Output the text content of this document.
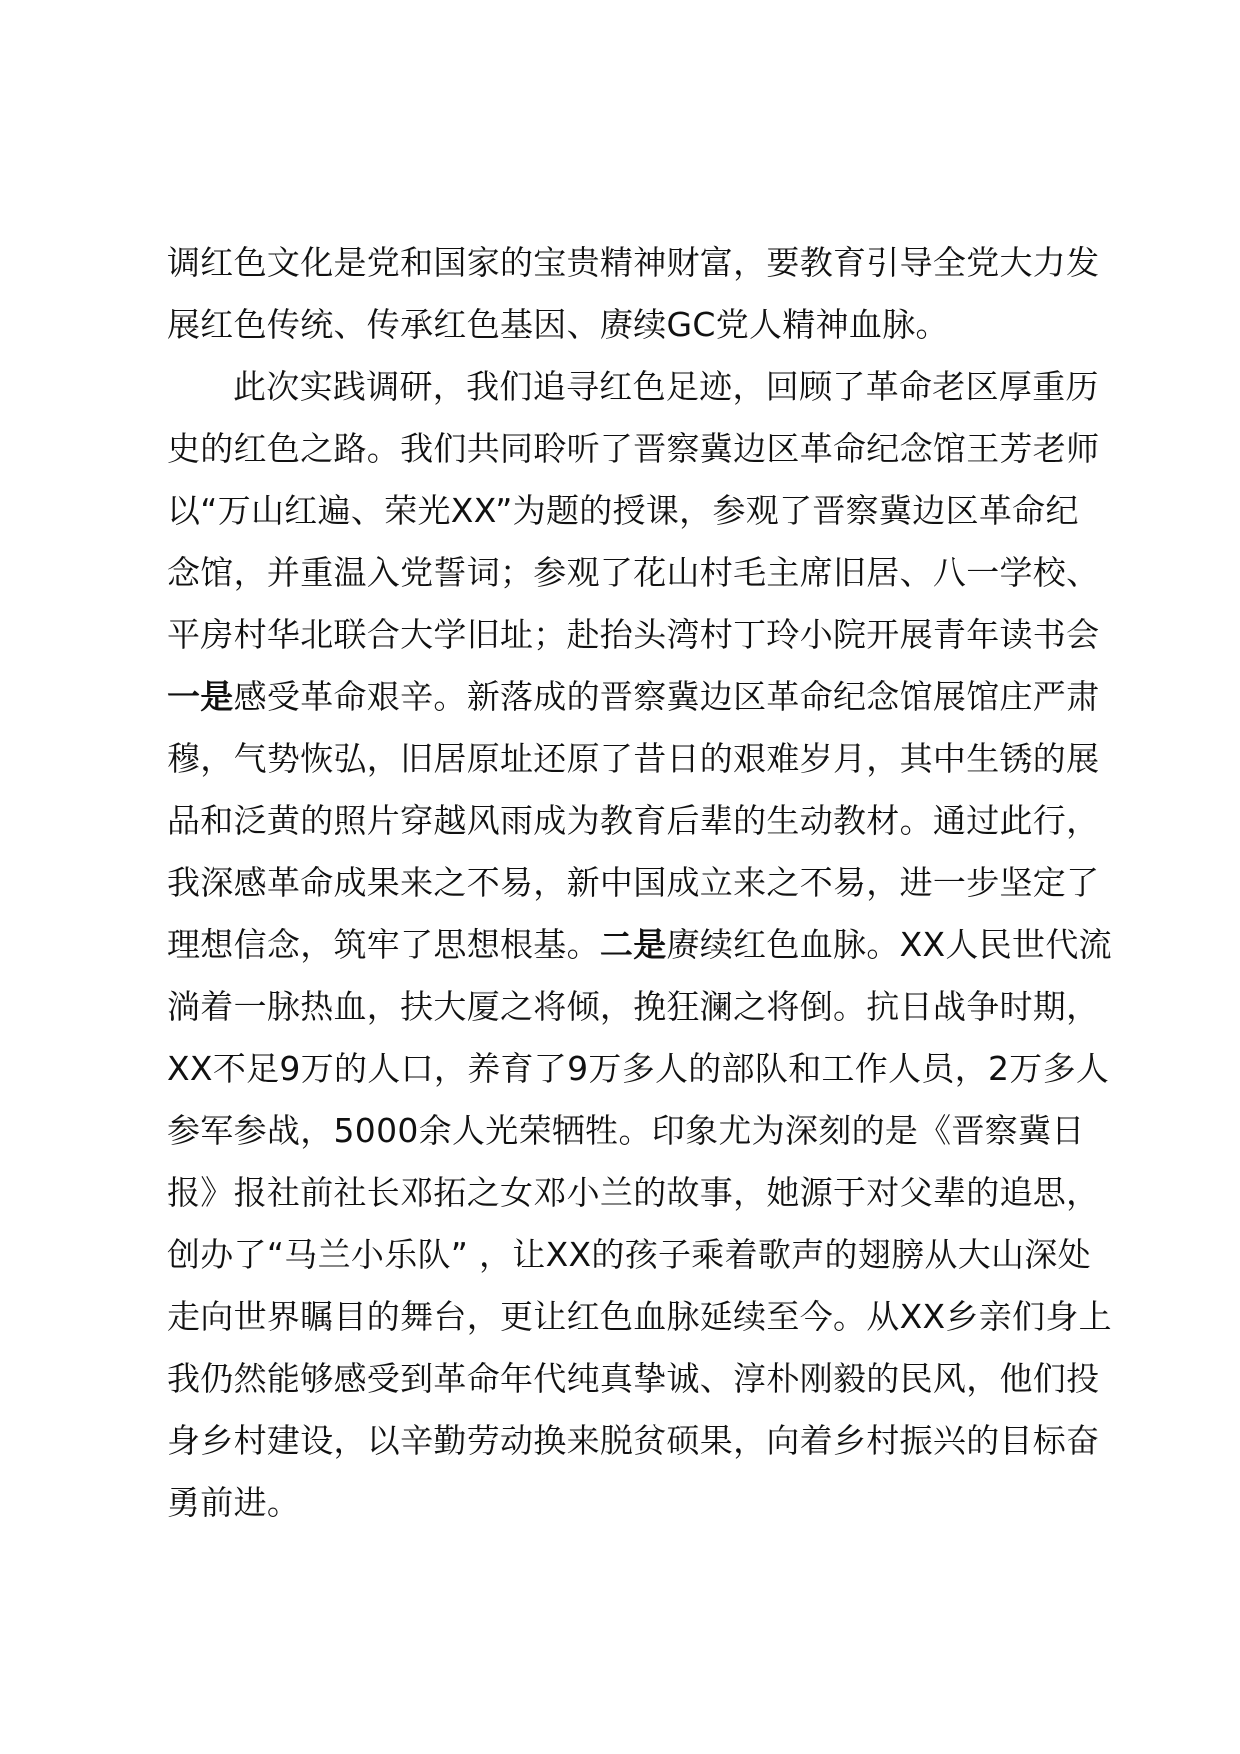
调红色文化是党和国家的宝贵精神财富，要教育引导全党大力发
展红色传统、传承红色基因、赓续GC党人精神血脉。
此次实践调研，我们追寻红色足迹，回顾了革命老区厚重历
史的红色之路。我们共同聆听了晋察冀边区革命纪念馆王芳老师
以“万山红遍、荣光XX”为题的授课，参观了晋察冀边区革命纪
念馆，并重温入党誓词；参观了花山村毛主席旧居、八一学校、
平房村华北联合大学旧址；赴抬头湾村丁玲小院开展青年读书会
一是感受革命艰辛。新落成的晋察冀边区革命纪念馆展馆庄严肃
穆，气势恢弘，旧居原址还原了昔日的艰难岁月，其中生锈的展
品和泛黄的照片穿越风雨成为教育后辈的生动教材。通过此行，
我深感革命成果来之不易，新中国成立来之不易，进一步坚定了
理想信念，筑牢了思想根基。二是赓续红色血脉。XX人民世代流
淌着一脉热血，扶大厦之将倾，挽狂澜之将倒。抗日战争时期，
XX不足9万的人口，养育了9万多人的部队和工作人员，2万多人
参军参战，5000余人光荣牺牲。印象尤为深刻的是《晋察冀日
报》报社前社长邓拓之女邓小兰的故事，她源于对父辈的追思，
创办了“马兰小乐队” ，让XX的孩子乘着歌声的翅膀从大山深处
走向世界瞩目的舞台，更让红色血脉延续至今。从XX乡亲们身上
我仍然能够感受到革命年代纯真挚诚、淳朴刚毅的民风，他们投
身乡村建设，以辛勤劳动换来脱贫硕果，向着乡村振兴的目标奋
勇前进。
